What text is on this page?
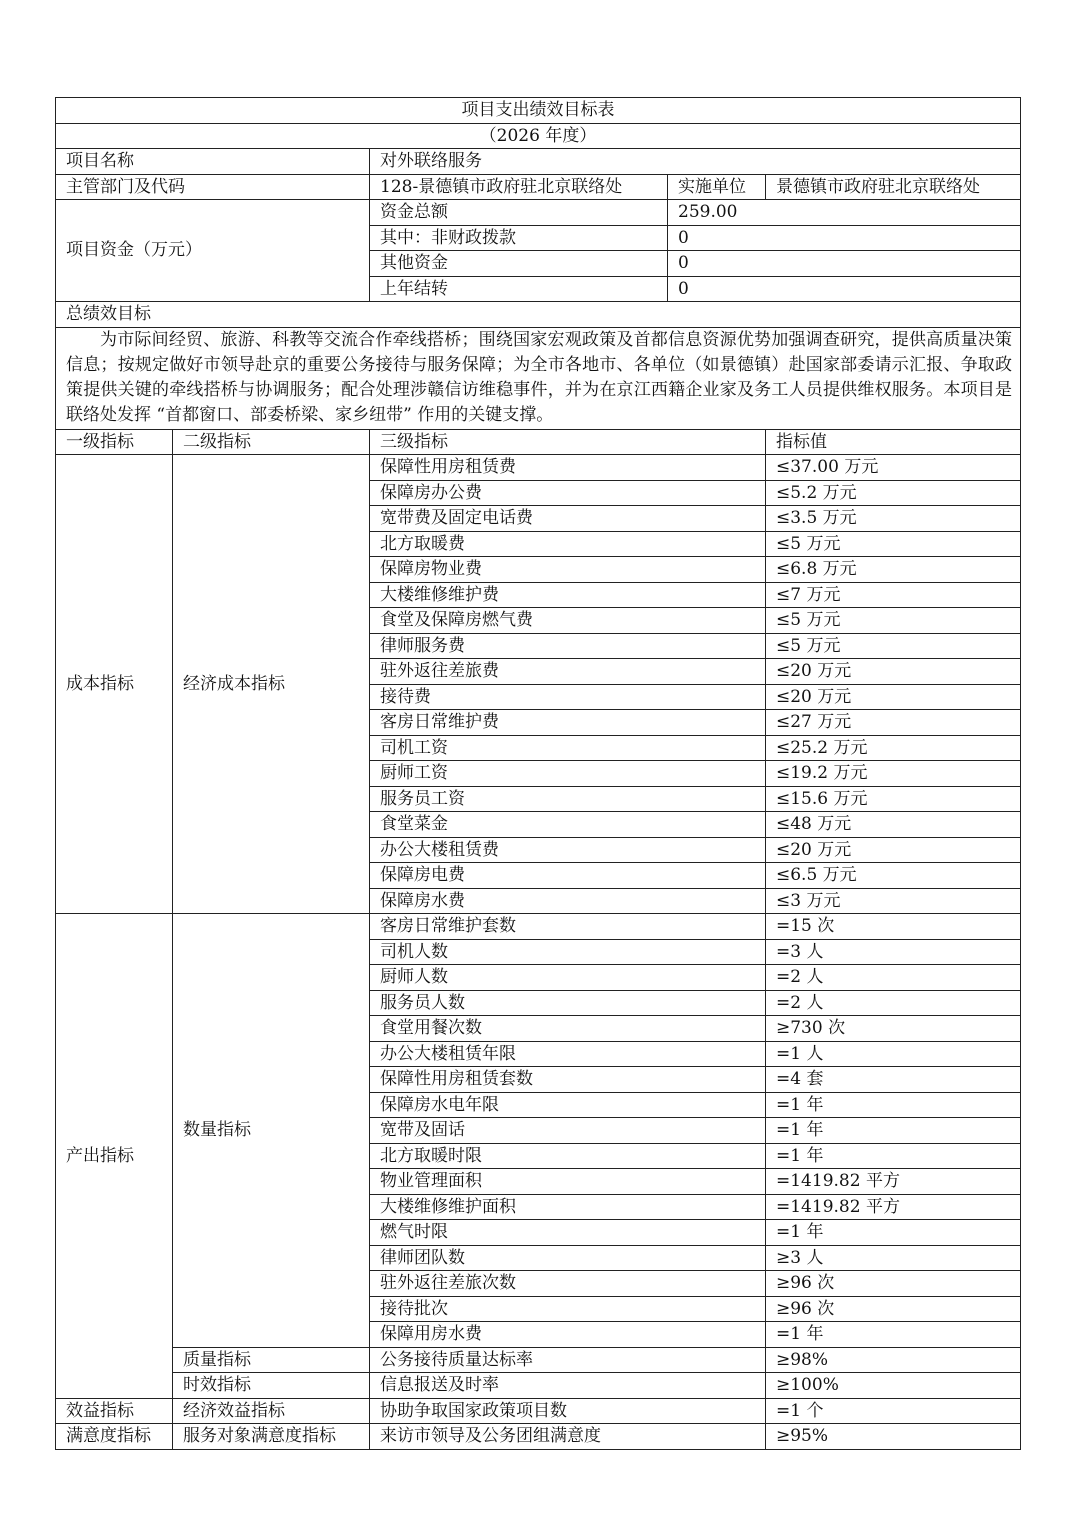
项目支出绩效目标表				
（2026 年度）				
项目名称		对外联络服务		
主管部门及代码		128-景德镇市政府驻北京联络处	实施单位	景德镇市政府驻北京联络处
项目资金（万元）		资金总额	259.00	
		其中：非财政拨款	0	
		其他资金	0	
		上年结转	0	
总绩效目标				
为市际间经贸、旅游、科教等交流合作牵线搭桥；围绕国家宏观政策及首都信息资源优势加强调查研究，提供高质量决策信息；按规定做好市领导赴京的重要公务接待与服务保障；为全市各地市、各单位（如景德镇）赴国家部委请示汇报、争取政策提供关键的牵线搭桥与协调服务；配合处理涉赣信访维稳事件，并为在京江西籍企业家及务工人员提供维权服务。本项目是联络处发挥 “首都窗口、部委桥梁、家乡纽带” 作用的关键支撑。				
一级指标	二级指标	三级指标		指标值
成本指标	经济成本指标	保障性用房租赁费		≤37.00 万元
		保障房办公费		≤5.2 万元
		宽带费及固定电话费		≤3.5 万元
		北方取暖费		≤5 万元
		保障房物业费		≤6.8 万元
		大楼维修维护费		≤7 万元
		食堂及保障房燃气费		≤5 万元
		律师服务费		≤5 万元
		驻外返往差旅费		≤20 万元
		接待费		≤20 万元
		客房日常维护费		≤27 万元
		司机工资		≤25.2 万元
		厨师工资		≤19.2 万元
		服务员工资		≤15.6 万元
		食堂菜金		≤48 万元
		办公大楼租赁费		≤20 万元
		保障房电费		≤6.5 万元
		保障房水费		≤3 万元
产出指标	数量指标	客房日常维护套数		=15 次
		司机人数		=3 人
		厨师人数		=2 人
		服务员人数		=2 人
		食堂用餐次数		≥730 次
		办公大楼租赁年限		=1 人
		保障性用房租赁套数		=4 套
		保障房水电年限		=1 年
		宽带及固话		=1 年
		北方取暖时限		=1 年
		物业管理面积		=1419.82 平方
		大楼维修维护面积		=1419.82 平方
		燃气时限		=1 年
		律师团队数		≥3 人
		驻外返往差旅次数		≥96 次
		接待批次		≥96 次
		保障用房水费		=1 年
	质量指标	公务接待质量达标率		≥98%
	时效指标	信息报送及时率		≥100%
效益指标	经济效益指标	协助争取国家政策项目数		=1 个
满意度指标	服务对象满意度指标	来访市领导及公务团组满意度		≥95%
